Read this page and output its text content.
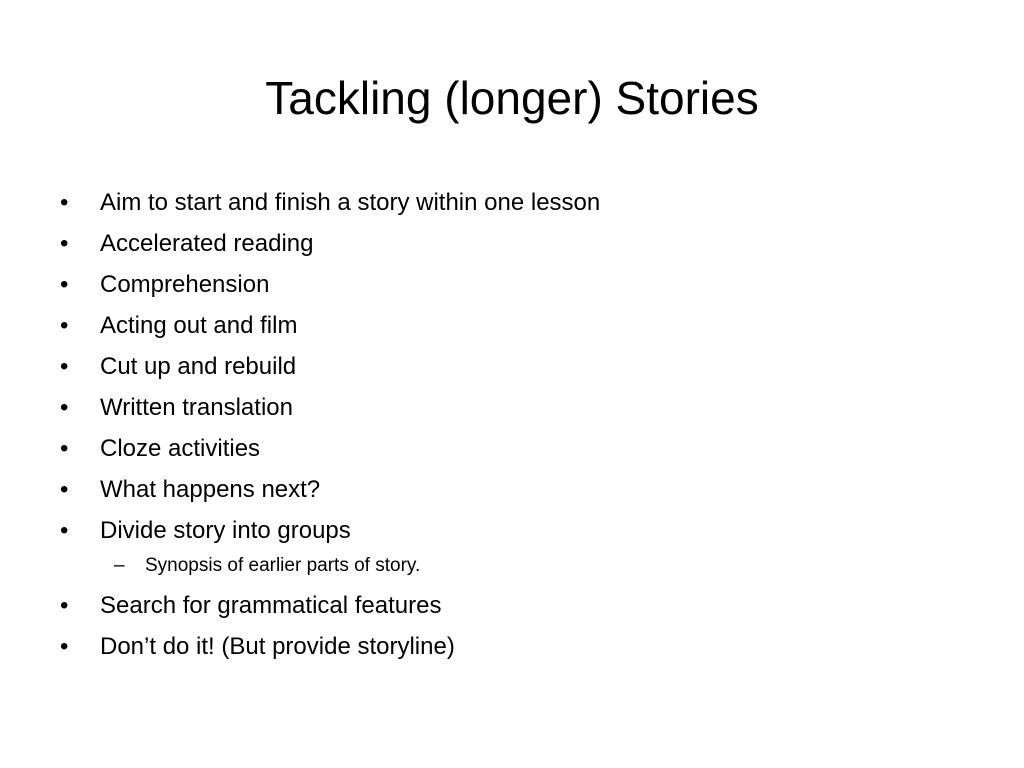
Tackling (longer) Stories
• Aim to start and finish a story within one lesson
• Accelerated reading
• Comprehension
• Acting out and film
• Cut up and rebuild
• Written translation
• Cloze activities
• What happens next?
• Divide story into groups
– Synopsis of earlier parts of story.
• Search for grammatical features
• Don’t do it! (But provide storyline)
